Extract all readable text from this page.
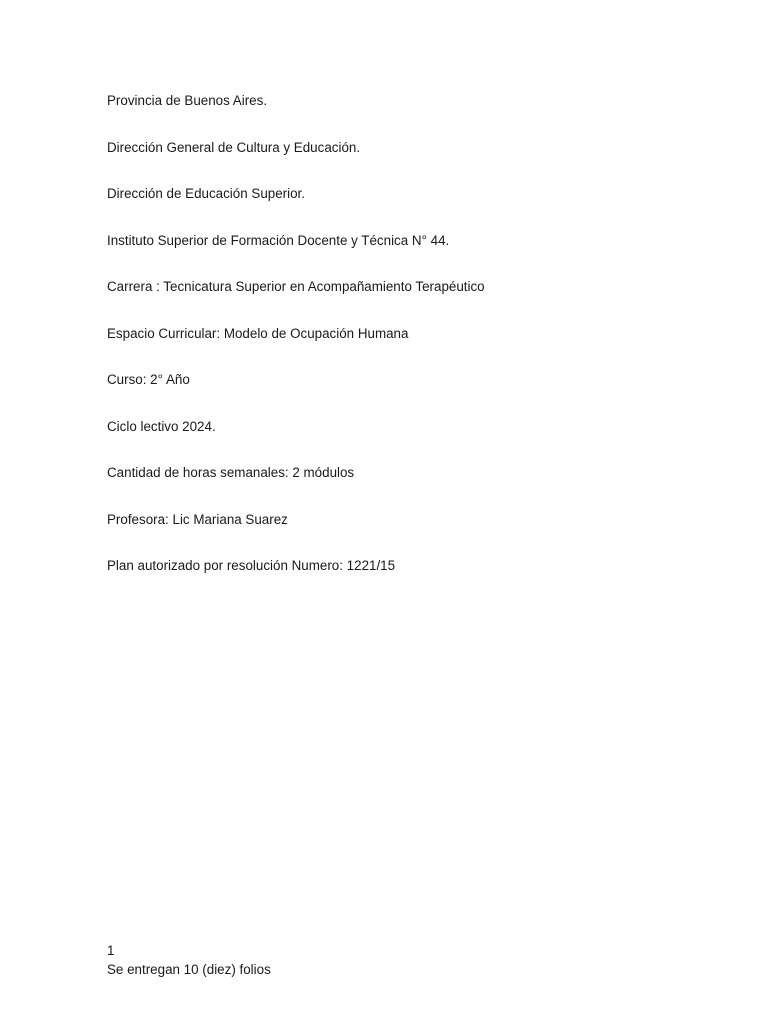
Provincia de Buenos Aires.
Dirección General de Cultura y Educación.
Dirección de Educación Superior.
Instituto Superior de Formación Docente y Técnica N° 44.
Carrera : Tecnicatura Superior en Acompañamiento Terapéutico
Espacio Curricular: Modelo de Ocupación Humana
Curso: 2° Año
Ciclo lectivo 2024.
Cantidad de horas semanales: 2 módulos
Profesora: Lic Mariana Suarez
Plan autorizado por resolución Numero: 1221/15
1
Se entregan 10 (diez) folios
